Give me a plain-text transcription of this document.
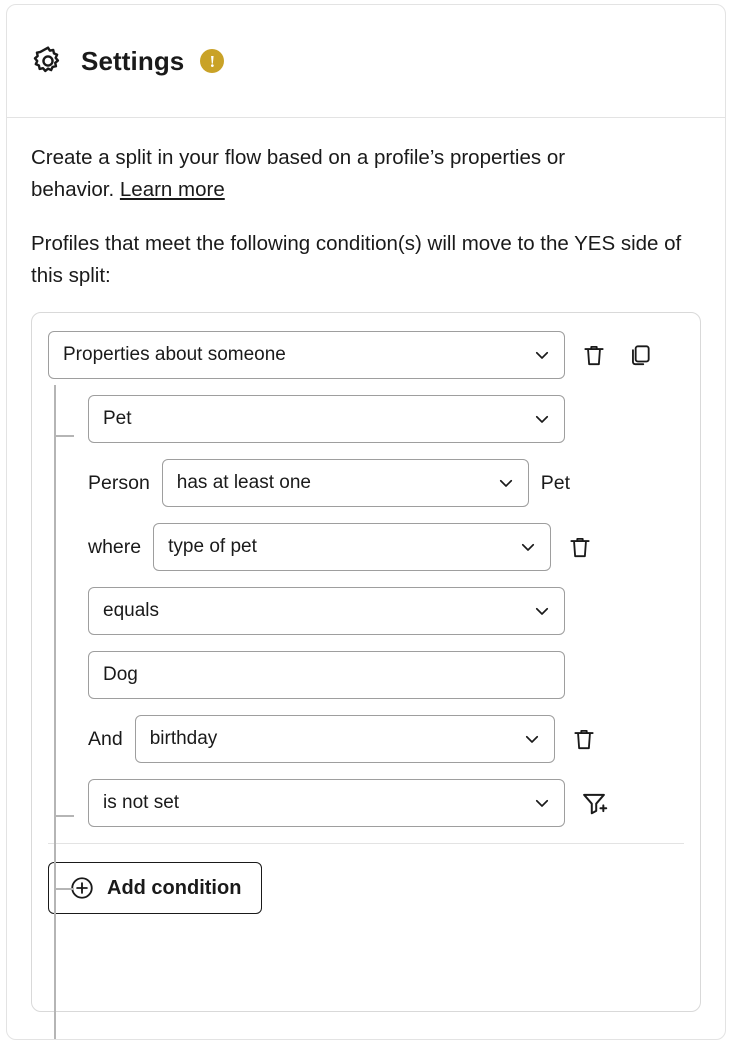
Settings	!

Create a split in your flow based on a profile’s properties or behavior. Learn more

Profiles that meet the following condition(s) will move to the YES side of this split:

Properties about someone
Pet
Person has at least one	Pet
where type of pet
equals
Dog
And birthday
is not set
Add condition
